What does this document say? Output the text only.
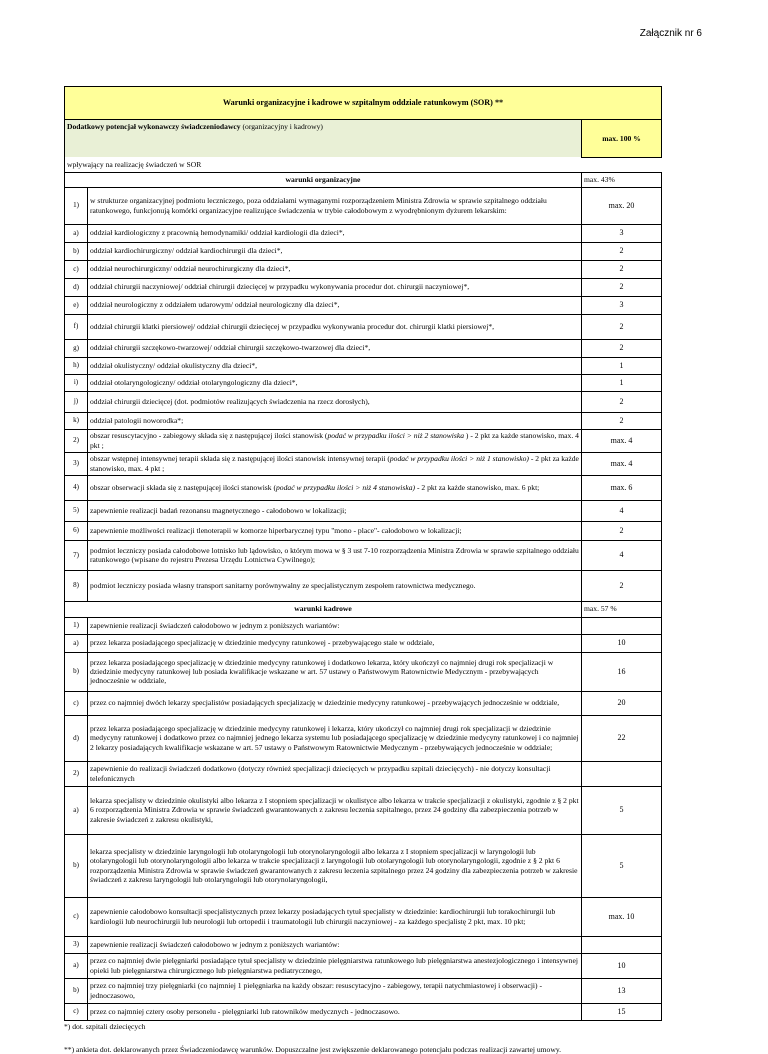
Załącznik nr 6
Warunki organizacyjne i kadrowe w szpitalnym oddziale ratunkowym (SOR) **		
Dodatkowy potencjał wykonawczy świadczeniodawcy (organizacyjny i kadrowy)		max. 100 %
wpływający na realizację świadczeń w SOR		
warunki organizacyjne		max. 43%
1)	w strukturze organizacyjnej podmiotu leczniczego, poza oddziałami wymaganymi rozporządzeniem Ministra Zdrowia w sprawie szpitalnego oddziału ratunkowego, funkcjonują komórki organizacyjne realizujące świadczenia w trybie całodobowym z wyodrębnionym dyżurem lekarskim:	max. 20
a)	oddział kardiologiczny z pracownią hemodynamiki/ oddział kardiologii dla dzieci*,	3
b)	oddział kardiochirurgiczny/ oddział kardiochirurgii dla dzieci*,	2
c)	oddział neurochirurgiczny/ oddział neurochirurgiczny dla dzieci*,	2
d)	oddział chirurgii naczyniowej/ oddział chirurgii dziecięcej w przypadku wykonywania procedur dot. chirurgii naczyniowej*,	2
e)	oddział neurologiczny z oddziałem udarowym/ oddział neurologiczny dla dzieci*,	3
f)	oddział chirurgii klatki piersiowej/ oddział chirurgii dziecięcej w przypadku wykonywania procedur dot. chirurgii klatki piersiowej*,	2
g)	oddział chirurgii szczękowo-twarzowej/ oddział chirurgii szczękowo-twarzowej dla dzieci*,	2
h)	oddział okulistyczny/ oddział okulistyczny dla dzieci*,	1
i)	oddział otolaryngologiczny/ oddział otolaryngologiczny dla dzieci*,	1
j)	oddział chirurgii dziecięcej (dot. podmiotów realizujących świadczenia na rzecz dorosłych),	2
k)	oddział patologii noworodka*;	2
2)	obszar resuscytacyjno - zabiegowy składa się z następującej ilości stanowisk (podać w przypadku ilości > niż 2 stanowiska ) - 2 pkt za każde stanowisko, max. 4 pkt ;	max. 4
3)	obszar wstępnej intensywnej terapii składa się z następującej ilości stanowisk intensywnej terapii (podać w przypadku ilości > niż 1 stanowisko) - 2 pkt za każde stanowisko, max. 4 pkt ;	max. 4
4)	obszar obserwacji składa się z następującej ilości stanowisk (podać w przypadku ilości > niż 4 stanowiska) - 2 pkt za każde stanowisko, max. 6 pkt;	max. 6
5)	zapewnienie realizacji badań rezonansu magnetycznego - całodobowo w lokalizacji;	4
6)	zapewnienie możliwości realizacji tlenoterapii w komorze hiperbarycznej typu "mono - place"- całodobowo w lokalizacji;	2
7)	podmiot leczniczy posiada całodobowe lotnisko lub lądowisko, o którym mowa w § 3 ust 7-10 rozporządzenia Ministra Zdrowia w sprawie szpitalnego oddziału ratunkowego (wpisane do rejestru Prezesa Urzędu Lotnictwa Cywilnego);	4
8)	podmiot leczniczy posiada własny transport sanitarny porównywalny ze specjalistycznym zespołem ratownictwa medycznego.	2
warunki kadrowe		max. 57 %
1)	zapewnienie realizacji świadczeń całodobowo w jednym z poniższych wariantów:	
a)	przez lekarza posiadającego specjalizację w dziedzinie medycyny ratunkowej - przebywającego stale w oddziale,	10
b)	przez lekarza posiadającego specjalizację w dziedzinie medycyny ratunkowej i dodatkowo lekarza, który ukończył co najmniej drugi rok specjalizacji w dziedzinie medycyny ratunkowej lub posiada kwalifikacje wskazane w art. 57 ustawy o Państwowym Ratownictwie Medycznym - przebywających jednocześnie w oddziale,	16
c)	przez co najmniej dwóch lekarzy specjalistów posiadających specjalizację w dziedzinie medycyny ratunkowej - przebywających jednocześnie w oddziale,	20
d)	przez lekarza posiadającego specjalizację w dziedzinie medycyny ratunkowej i lekarza, który ukończył co najmniej drugi rok specjalizacji w dziedzinie medycyny ratunkowej i dodatkowo przez co najmniej jednego lekarza systemu lub posiadającego specjalizację w dziedzinie medycyny ratunkowej i co najmniej 2 lekarzy posiadających kwalifikacje wskazane w art. 57 ustawy o Państwowym Ratownictwie Medycznym - przebywających jednocześnie w oddziale;	22
2)	zapewnienie do realizacji świadczeń dodatkowo (dotyczy również specjalizacji dziecięcych w przypadku szpitali dziecięcych) - nie dotyczy konsultacji telefonicznych	
a)	lekarza specjalisty w dziedzinie okulistyki albo lekarza z I stopniem specjalizacji w okulistyce albo lekarza w trakcie specjalizacji z okulistyki, zgodnie z § 2 pkt 6 rozporządzenia Ministra Zdrowia w sprawie świadczeń gwarantowanych z zakresu leczenia szpitalnego, przez 24 godziny dla zabezpieczenia potrzeb w zakresie świadczeń z zakresu okulistyki,	5
b)	lekarza specjalisty w dziedzinie laryngologii lub otolaryngologii lub otorynolaryngologii albo lekarza z I stopniem specjalizacji w laryngologii lub otolaryngologii lub otorynolaryngologii albo lekarza w trakcie specjalizacji z laryngologii lub otolaryngologii lub otorynolaryngologii, zgodnie z § 2 pkt 6 rozporządzenia Ministra Zdrowia w sprawie świadczeń gwarantowanych z zakresu leczenia szpitalnego przez 24 godziny dla zabezpieczenia potrzeb w zakresie świadczeń z zakresu laryngologii lub otolaryngologii lub otorynolaryngologii,	5
c)	zapewnienie całodobowo konsultacji specjalistycznych przez lekarzy posiadających tytuł specjalisty w dziedzinie: kardiochirurgii lub torakochirurgii lub kardiologii lub neurochirurgii lub neurologii lub ortopedii i traumatologii lub chirurgii naczyniowej - za każdego specjalistę 2 pkt, max. 10 pkt;	max. 10
3)	zapewnienie realizacji świadczeń całodobowo w jednym z poniższych wariantów:	
a)	przez co najmniej dwie pielęgniarki posiadające tytuł specjalisty w dziedzinie pielęgniarstwa ratunkowego lub pielęgniarstwa anestezjologicznego i intensywnej opieki lub pielęgniarstwa chirurgicznego lub pielęgniarstwa pediatrycznego,	10
b)	przez co najmniej trzy pielęgniarki (co najmniej 1 pielęgniarka na każdy obszar: resuscytacyjno - zabiegowy, terapii natychmiastowej i obserwacji) - jednoczasowo,	13
c)	przez co najmniej cztery osoby personelu - pielęgniarki lub ratowników medycznych - jednoczasowo.	15
*) dot. szpitali dziecięcych
**) ankieta dot. deklarowanych przez Świadczeniodawcę warunków. Dopuszczalne jest zwiększenie deklarowanego potencjału podczas realizacji zawartej umowy.
